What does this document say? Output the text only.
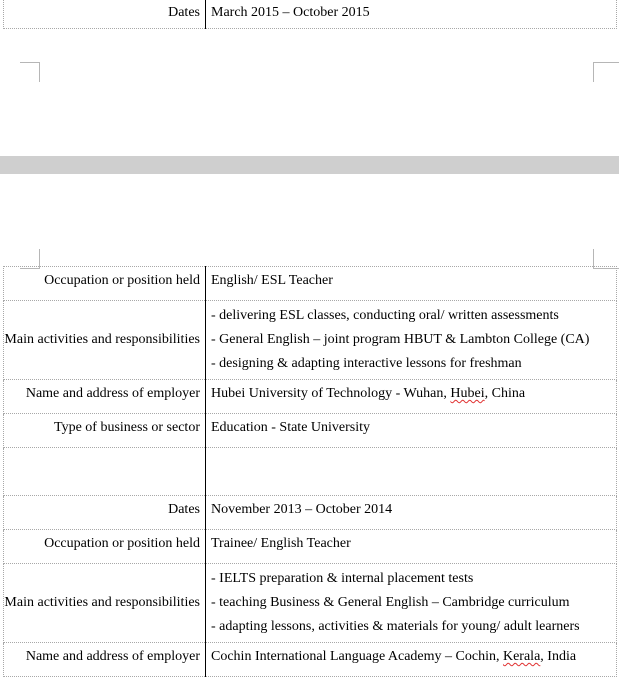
Dates	March 2015 – October 2015
Occupation or position held	English/ ESL Teacher
Main activities and responsibilities	- delivering ESL classes, conducting oral/ written assessments

- General English – joint program HBUT & Lambton College (CA)

- designing & adapting interactive lessons for freshman

Name and address of employer	Hubei University of Technology - Wuhan, Hubei, China
Type of business or sector	Education - State University

Dates	November 2013 – October 2014
Occupation or position held	Trainee/ English Teacher
Main activities and responsibilities	- IELTS preparation & internal placement tests

- teaching Business & General English – Cambridge curriculum

- adapting lessons, activities & materials for young/ adult learners

Name and address of employer	Cochin International Language Academy – Cochin, Kerala, India
